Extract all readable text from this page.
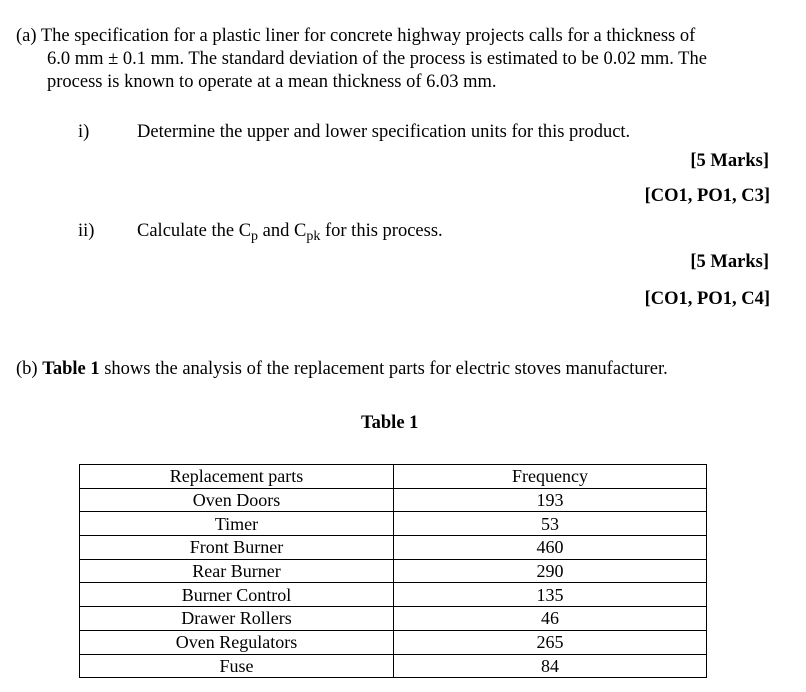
(a) The specification for a plastic liner for concrete highway projects calls for a thickness of
6.0 mm ± 0.1 mm. The standard deviation of the process is estimated to be 0.02 mm. The
process is known to operate at a mean thickness of 6.03 mm.
i)	Determine the upper and lower specification units for this product.
[5 Marks]
[CO1, PO1, C3]
ii) Calculate the $C_p$ and $C_{pk}$ for this process.
[5 Marks]
[CO1, PO1, C4]
(b) Table 1 shows the analysis of the replacement parts for electric stoves manufacturer.
Table 1
Replacement parts	Frequency
Oven Doors	193
Timer	53
Front Burner	460
Rear Burner	290
Burner Control	135
Drawer Rollers	46
Oven Regulators	265
Fuse	84
